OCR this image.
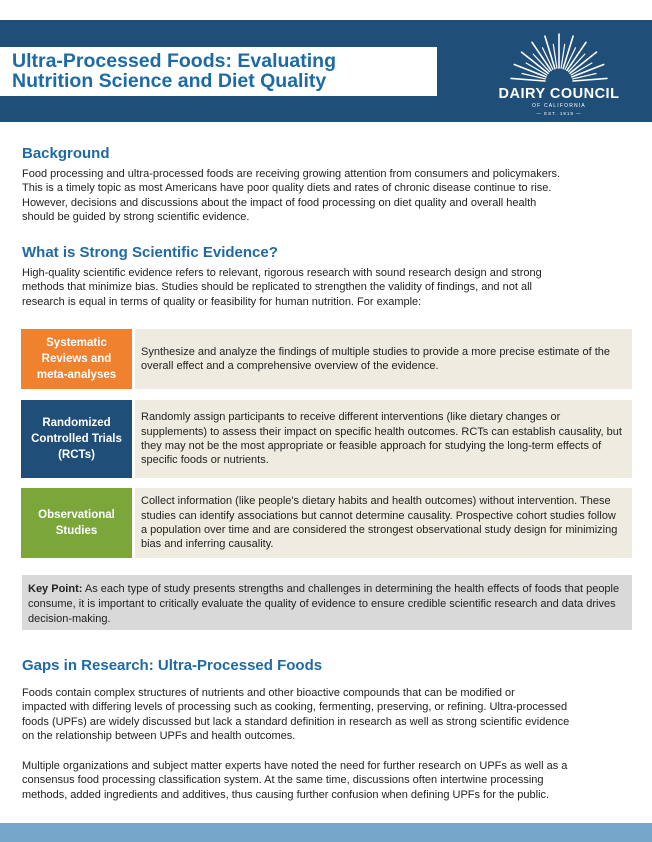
Ultra-Processed Foods: Evaluating
Nutrition Science and Diet Quality
DAIRY COUNCIL
OF CALIFORNIA
— EST. 1919 —
Background
Food processing and ultra-processed foods are receiving growing attention from consumers and policymakers.
This is a timely topic as most Americans have poor quality diets and rates of chronic disease continue to rise.
However, decisions and discussions about the impact of food processing on diet quality and overall health
should be guided by strong scientific evidence.
What is Strong Scientific Evidence?
High-quality scientific evidence refers to relevant, rigorous research with sound research design and strong
methods that minimize bias. Studies should be replicated to strengthen the validity of findings, and not all
research is equal in terms of quality or feasibility for human nutrition. For example:
Systematic Reviews and meta-analyses
Synthesize and analyze the findings of multiple studies to provide a more precise estimate of the overall effect and a comprehensive overview of the evidence.
Randomized Controlled Trials (RCTs)
Randomly assign participants to receive different interventions (like dietary changes or supplements) to assess their impact on specific health outcomes. RCTs can establish causality, but they may not be the most appropriate or feasible approach for studying the long-term effects of specific foods or nutrients.
Observational Studies
Collect information (like people's dietary habits and health outcomes) without intervention. These studies can identify associations but cannot determine causality. Prospective cohort studies follow a population over time and are considered the strongest observational study design for minimizing bias and inferring causality.
Key Point: As each type of study presents strengths and challenges in determining the health effects of foods that people consume, it is important to critically evaluate the quality of evidence to ensure credible scientific research and data drives decision-making.
Gaps in Research: Ultra-Processed Foods
Foods contain complex structures of nutrients and other bioactive compounds that can be modified or
impacted with differing levels of processing such as cooking, fermenting, preserving, or refining. Ultra-processed
foods (UPFs) are widely discussed but lack a standard definition in research as well as strong scientific evidence
on the relationship between UPFs and health outcomes.
Multiple organizations and subject matter experts have noted the need for further research on UPFs as well as a
consensus food processing classification system. At the same time, discussions often intertwine processing
methods, added ingredients and additives, thus causing further confusion when defining UPFs for the public.
